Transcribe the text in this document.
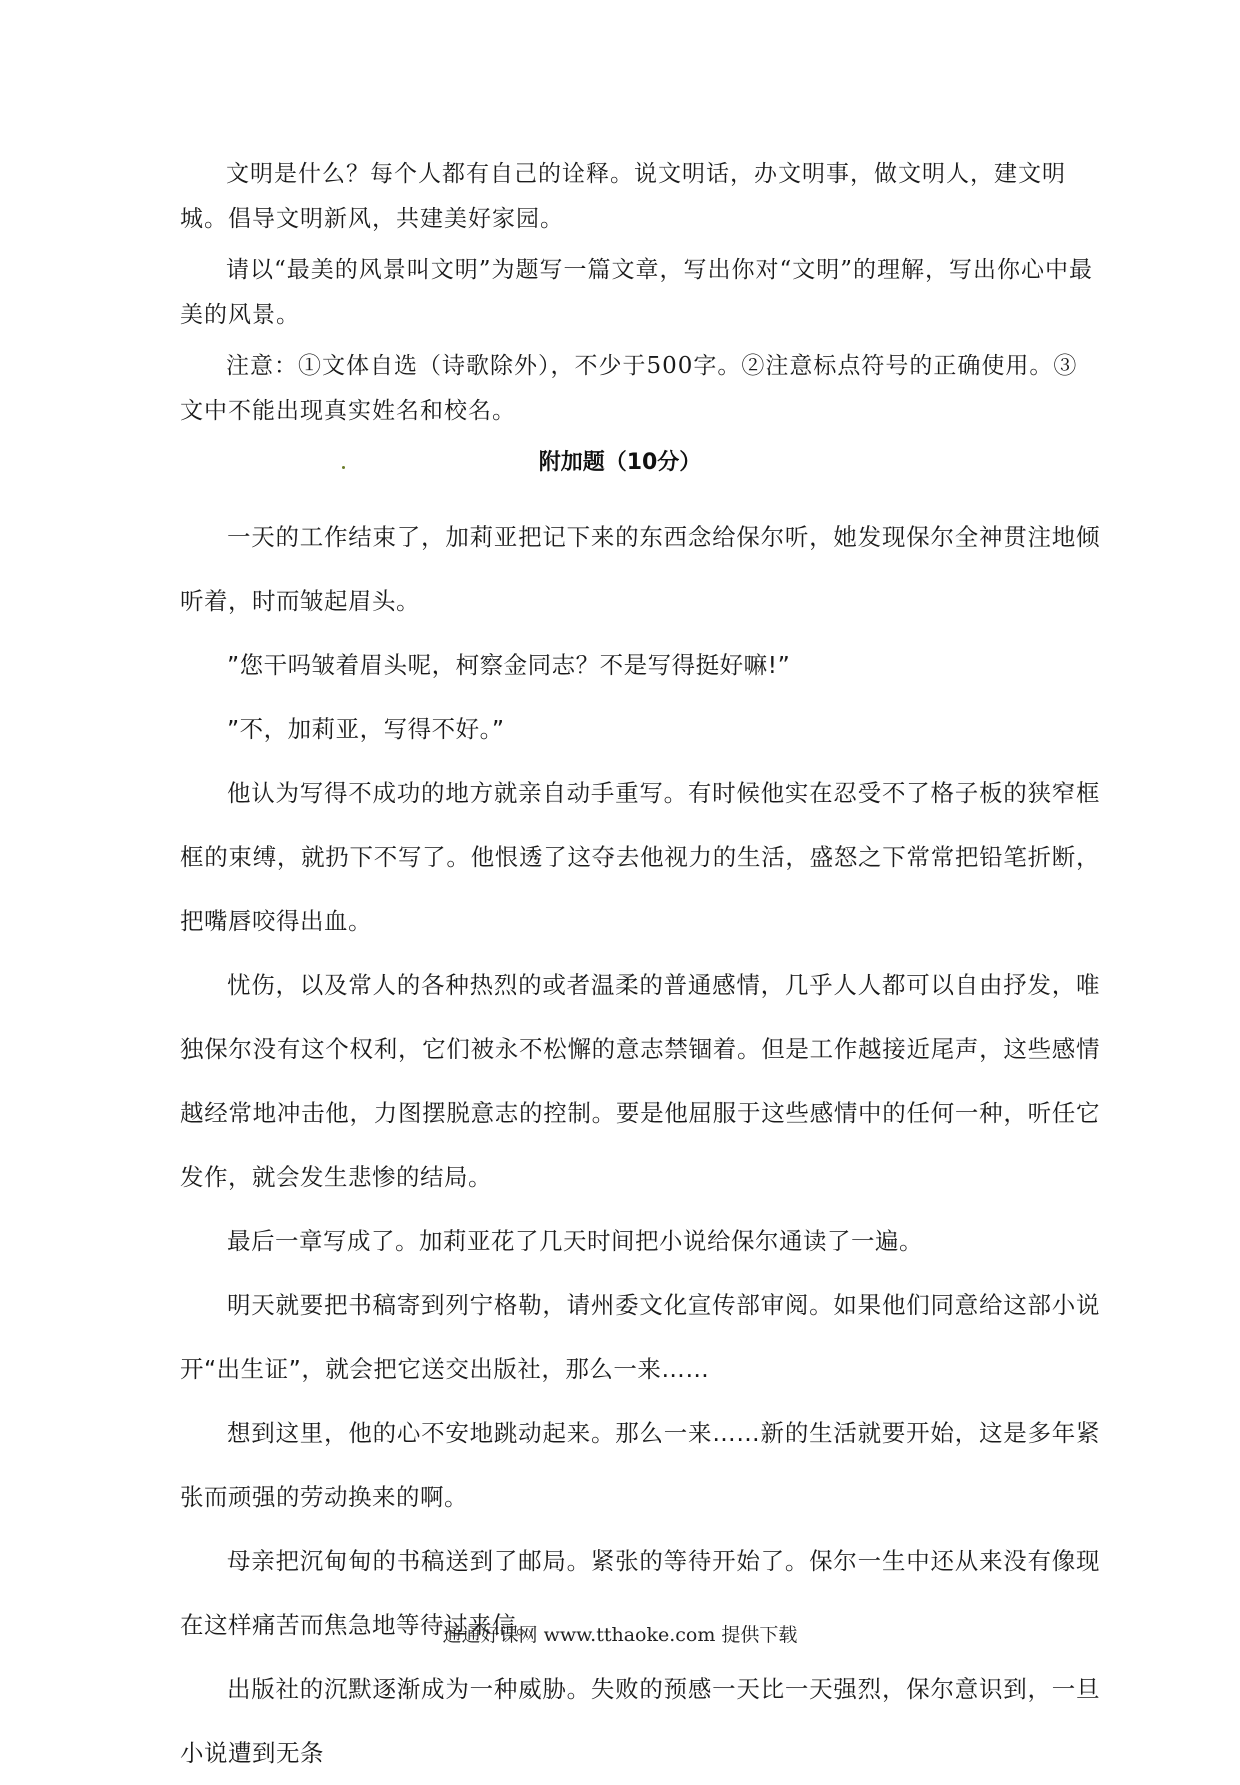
文明是什么？每个人都有自己的诠释。说文明话，办文明事，做文明人，建文明城。倡导文明新风，共建美好家园。

请以“最美的风景叫文明”为题写一篇文章，写出你对“文明”的理解，写出你心中最美的风景。

注意：①文体自选（诗歌除外），不少于500字。②注意标点符号的正确使用。③文中不能出现真实姓名和校名。

附加题（10分）

一天的工作结束了，加莉亚把记下来的东西念给保尔听，她发现保尔全神贯注地倾听着，时而皱起眉头。

”您干吗皱着眉头呢，柯察金同志？不是写得挺好嘛!”

”不，加莉亚，写得不好。”

他认为写得不成功的地方就亲自动手重写。有时候他实在忍受不了格子板的狭窄框框的束缚，就扔下不写了。他恨透了这夺去他视力的生活，盛怒之下常常把铅笔折断，把嘴唇咬得出血。

忧伤，以及常人的各种热烈的或者温柔的普通感情，几乎人人都可以自由抒发，唯独保尔没有这个权利，它们被永不松懈的意志禁锢着。但是工作越接近尾声，这些感情越经常地冲击他，力图摆脱意志的控制。要是他屈服于这些感情中的任何一种，听任它发作，就会发生悲惨的结局。

最后一章写成了。加莉亚花了几天时间把小说给保尔通读了一遍。

明天就要把书稿寄到列宁格勒，请州委文化宣传部审阅。如果他们同意给这部小说开“出生证”，就会把它送交出版社，那么一来……

想到这里，他的心不安地跳动起来。那么一来……新的生活就要开始，这是多年紧张而顽强的劳动换来的啊。

母亲把沉甸甸的书稿送到了邮局。紧张的等待开始了。保尔一生中还从来没有像现在这样痛苦而焦急地等待过来信。

出版社的沉默逐渐成为一种威胁。失败的预感一天比一天强烈，保尔意识到，一旦小说遭到无条

通通好课网 www.tthaoke.com 提供下载
